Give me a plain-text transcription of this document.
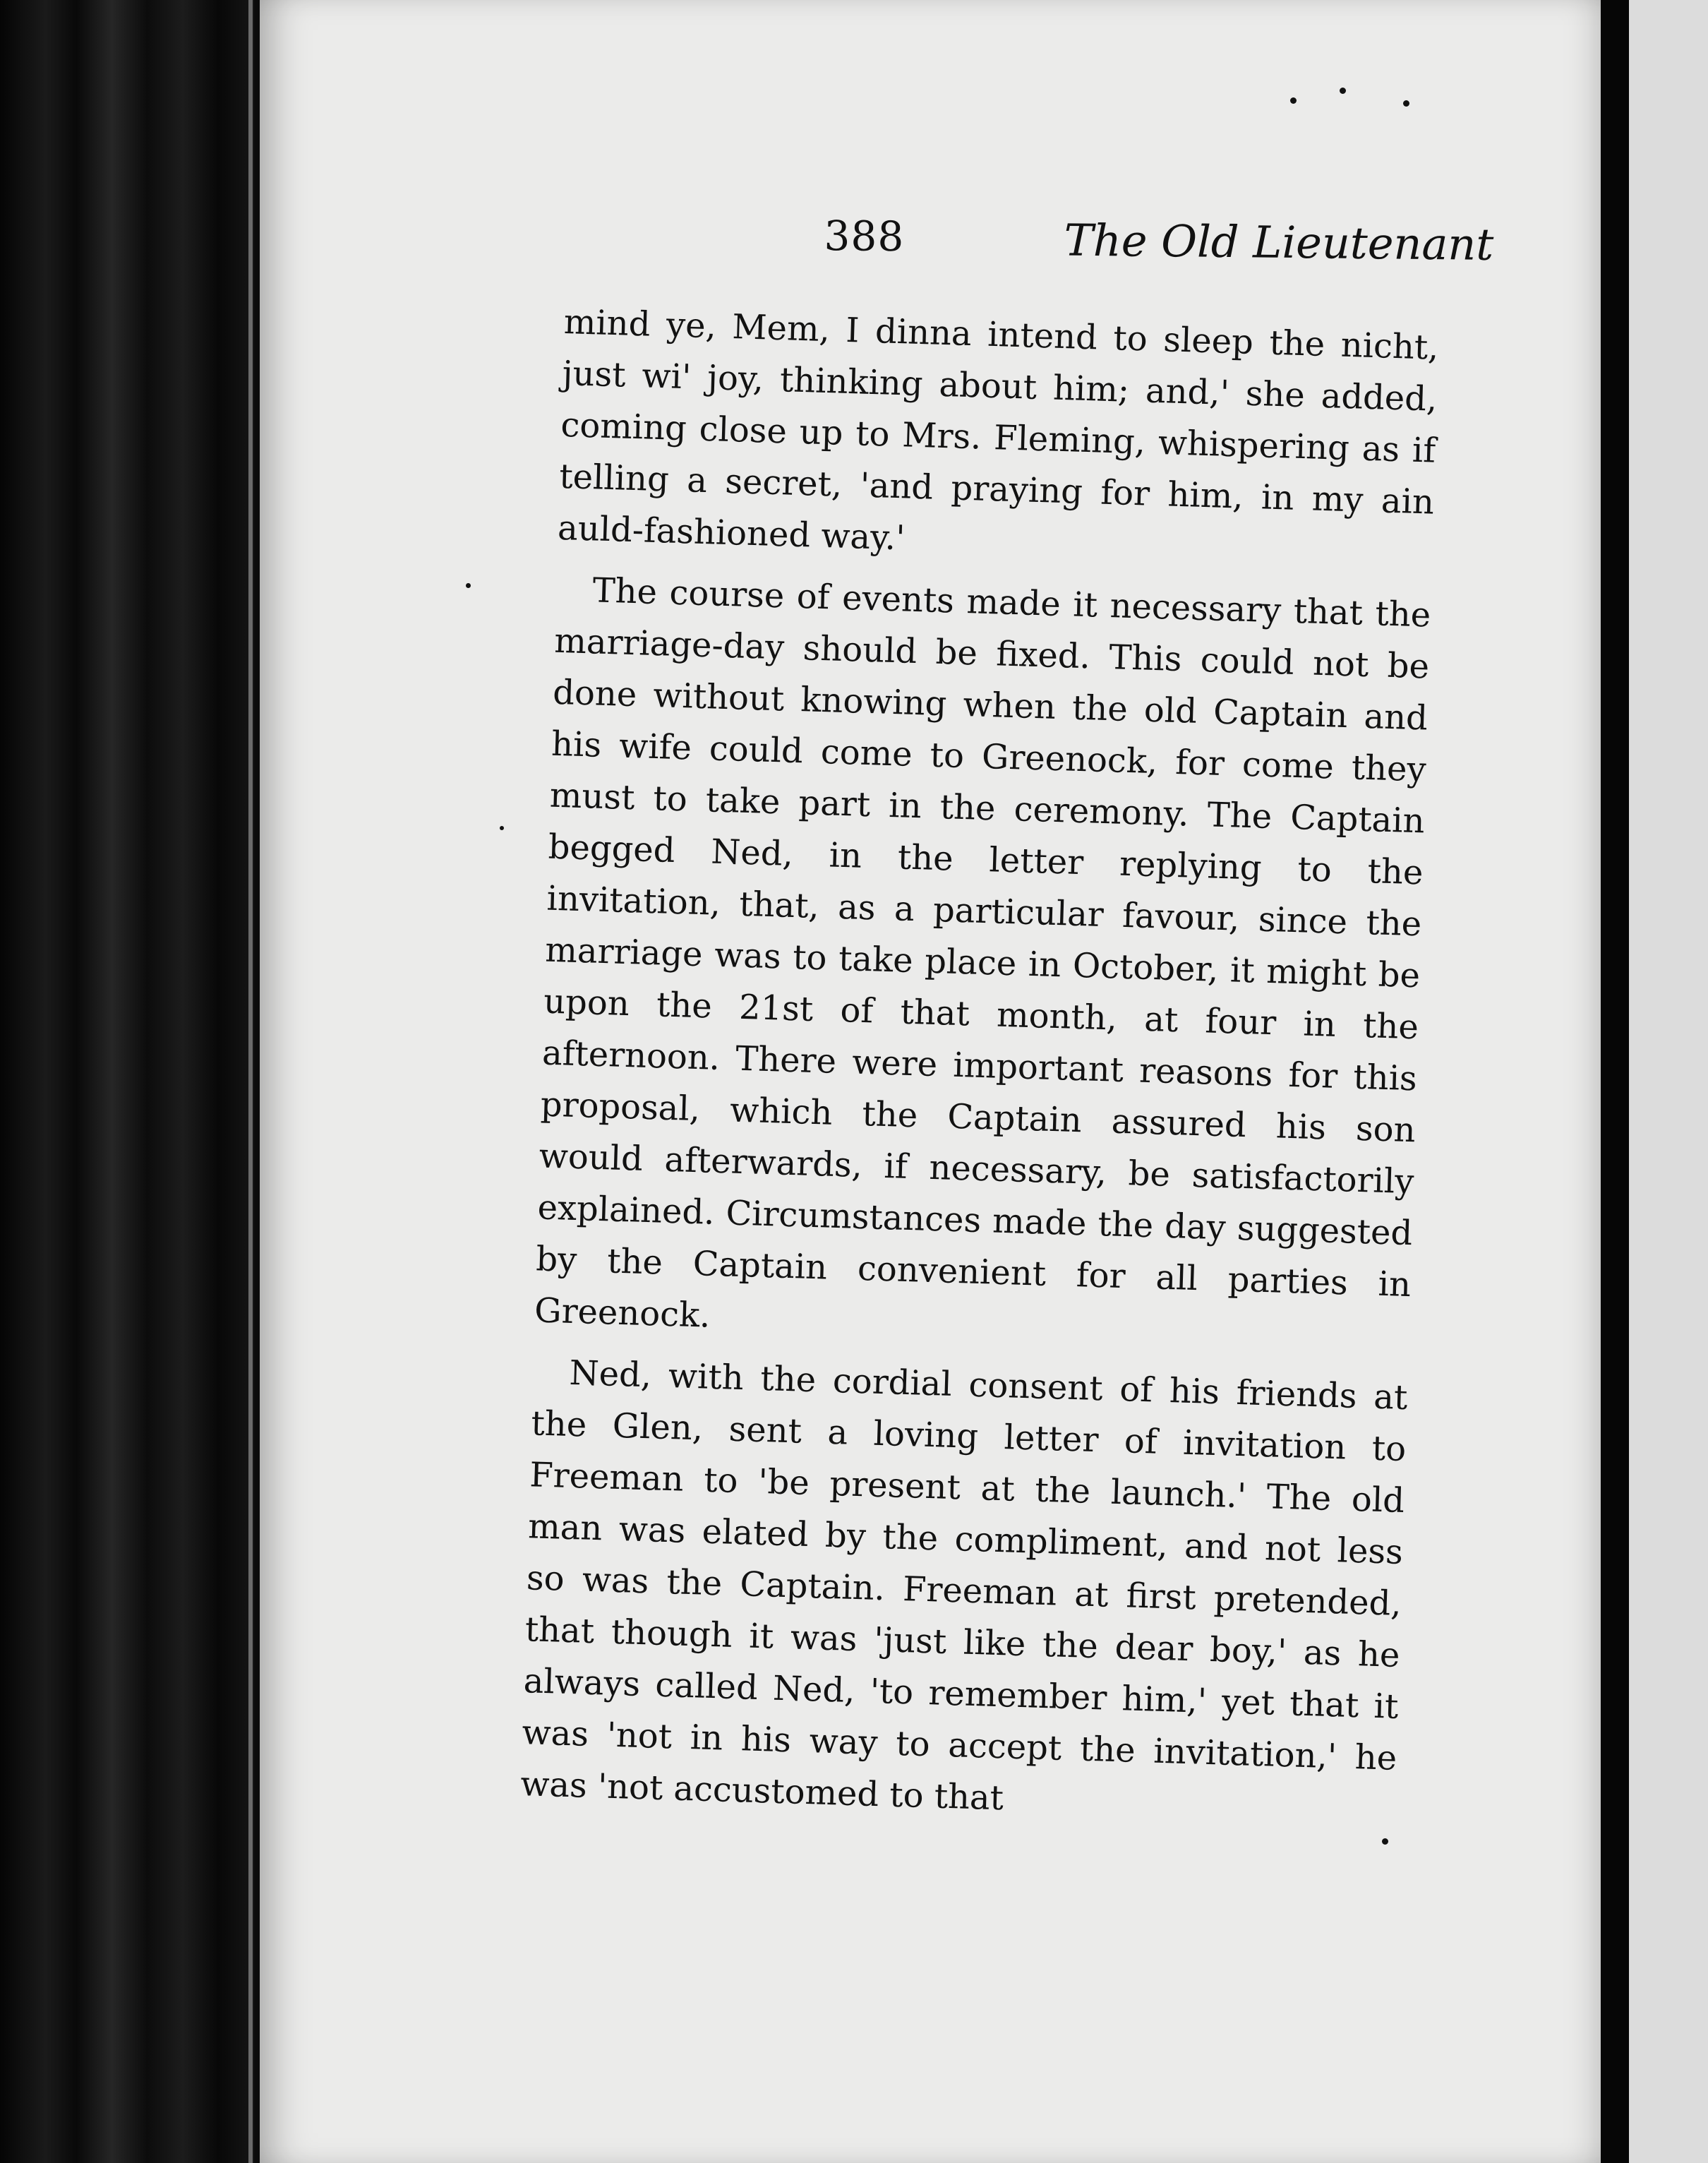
388	The Old Lieutenant

mind ye, Mem, I dinna intend to sleep the nicht, just wi' joy, thinking about him; and,' she added, coming close up to Mrs. Fleming, whispering as if telling a secret, 'and praying for him, in my ain auld-fashioned way.'

The course of events made it necessary that the marriage-day should be fixed. This could not be done without knowing when the old Captain and his wife could come to Greenock, for come they must to take part in the ceremony. The Captain begged Ned, in the letter replying to the invitation, that, as a particular favour, since the marriage was to take place in October, it might be upon the 21st of that month, at four in the afternoon. There were important reasons for this proposal, which the Captain assured his son would afterwards, if necessary, be satisfactorily explained. Circumstances made the day suggested by the Captain convenient for all parties in Greenock.

Ned, with the cordial consent of his friends at the Glen, sent a loving letter of invitation to Freeman to 'be present at the launch.' The old man was elated by the compliment, and not less so was the Captain. Freeman at first pretended, that though it was 'just like the dear boy,' as he always called Ned, 'to remember him,' yet that it was 'not in his way to accept the invitation,' he was 'not accustomed to that
